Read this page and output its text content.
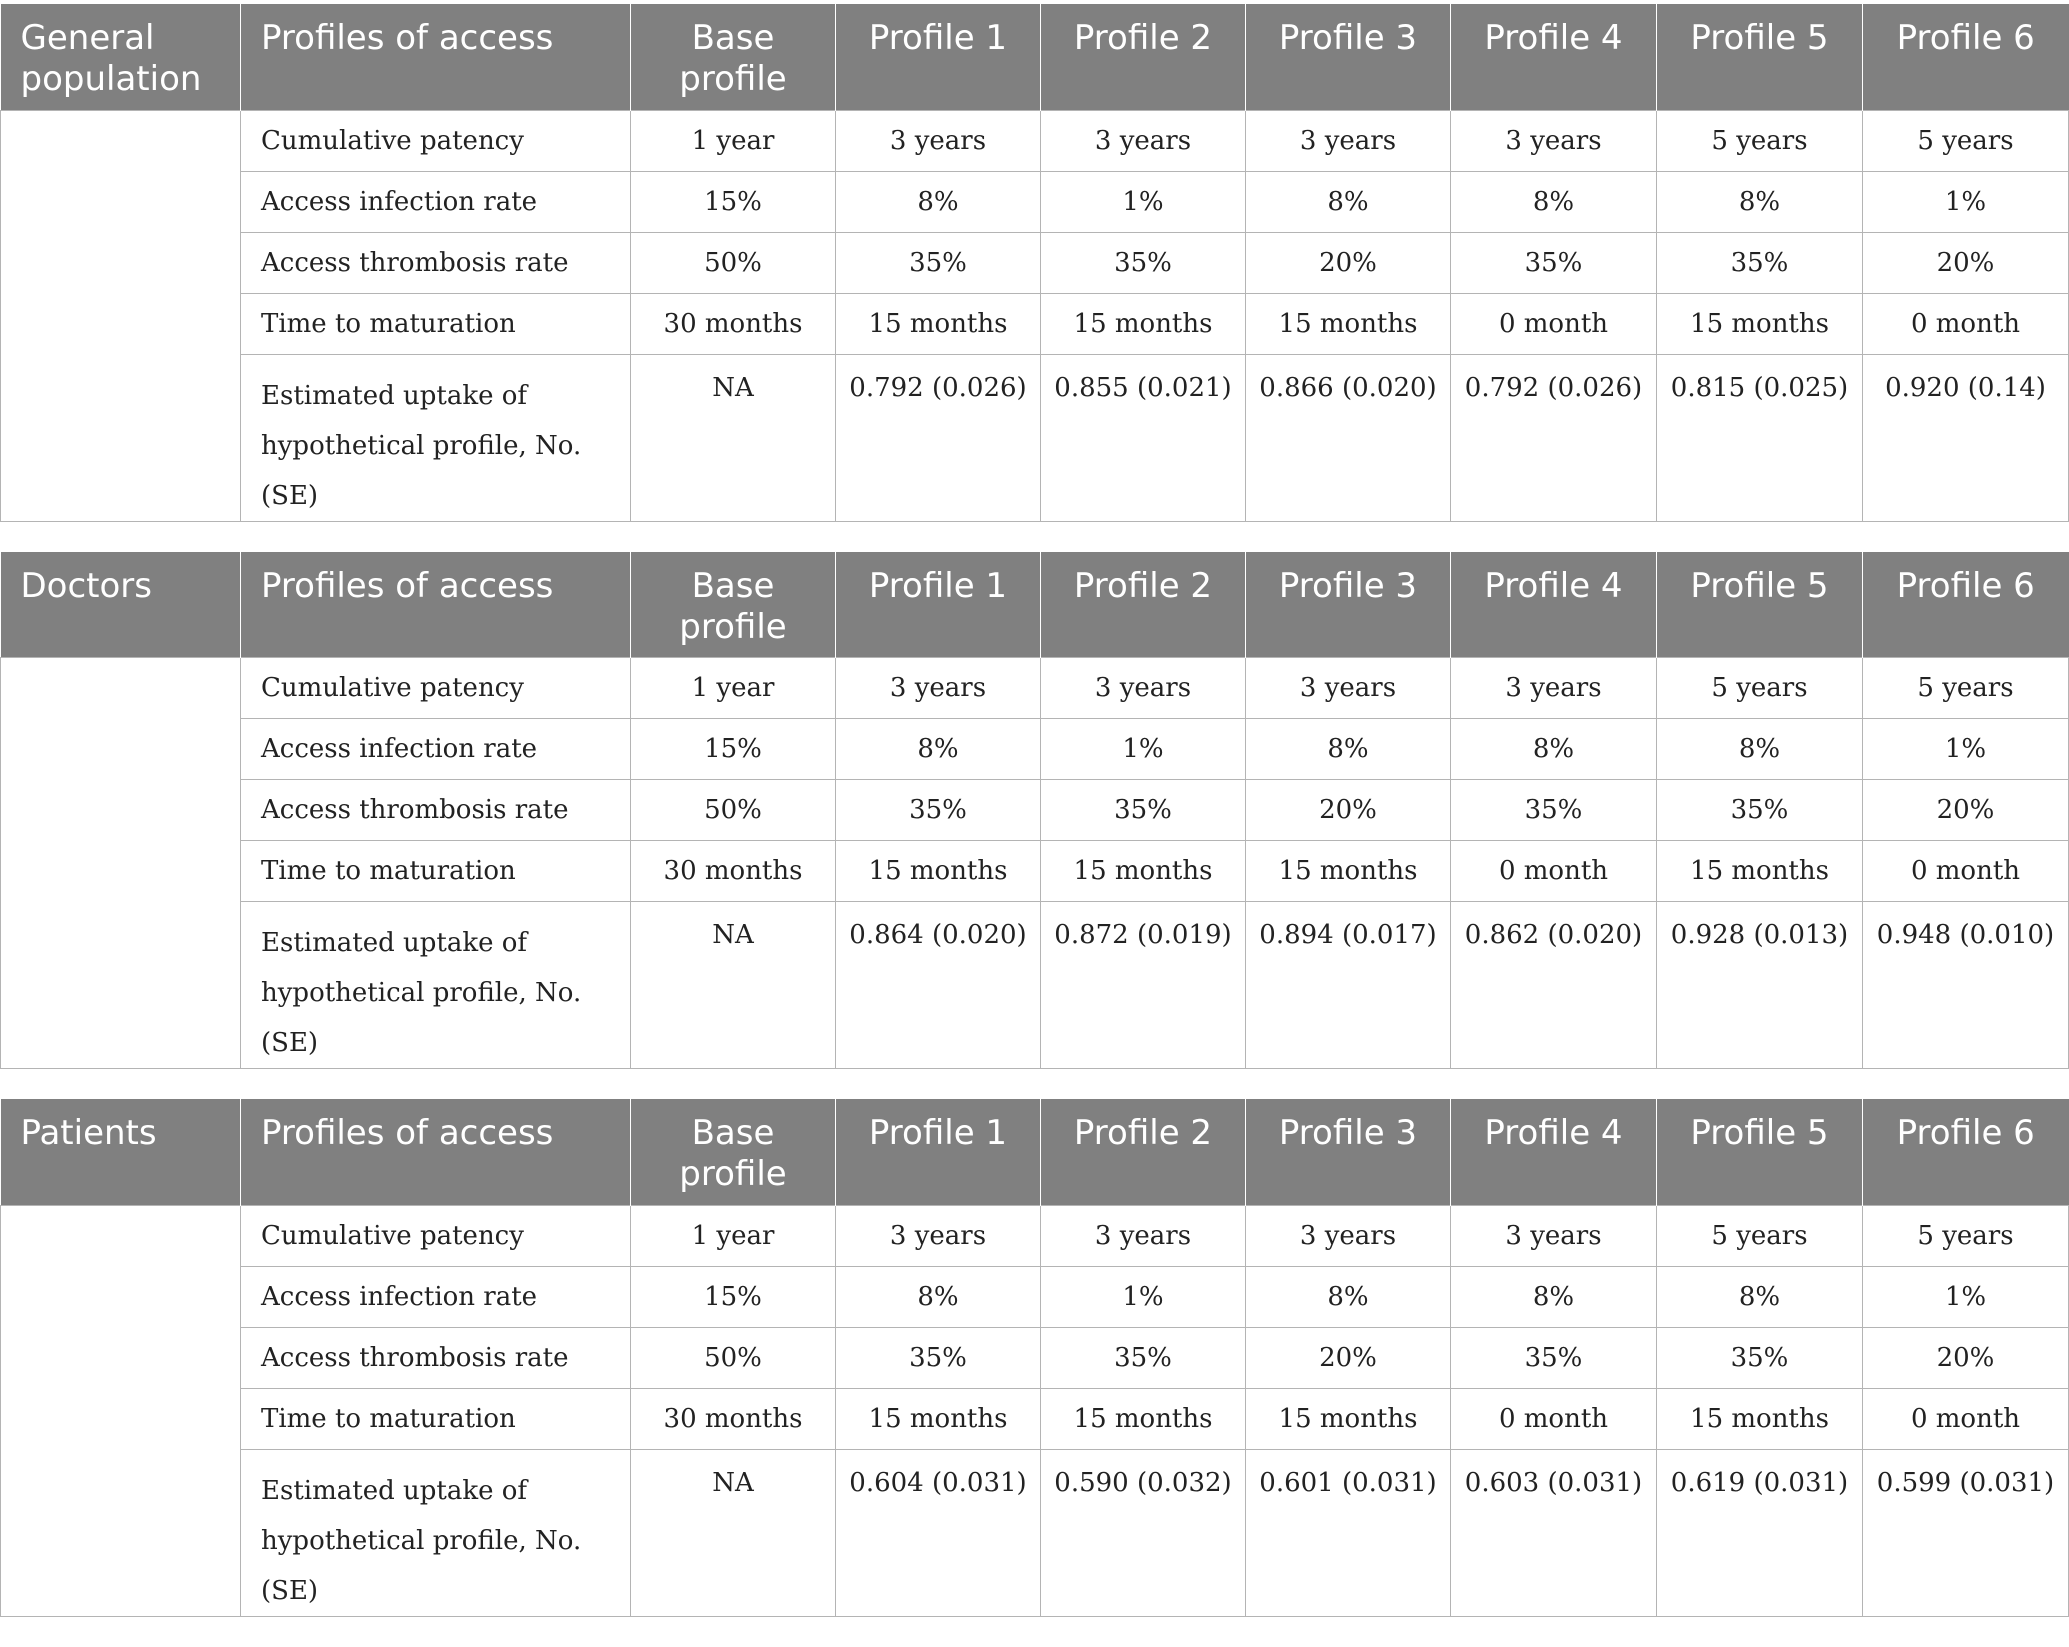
General population	Profiles of access	Base profile	Profile 1	Profile 2	Profile 3	Profile 4	Profile 5	Profile 6
	Cumulative patency	1 year	3 years	3 years	3 years	3 years	5 years	5 years
	Access infection rate	15%	8%	1%	8%	8%	8%	1%
	Access thrombosis rate	50%	35%	35%	20%	35%	35%	20%
	Time to maturation	30 months	15 months	15 months	15 months	0 month	15 months	0 month
	Estimated uptake of hypothetical profile, No. (SE)	NA	0.792 (0.026)	0.855 (0.021)	0.866 (0.020)	0.792 (0.026)	0.815 (0.025)	0.920 (0.14)
Doctors	Profiles of access	Base profile	Profile 1	Profile 2	Profile 3	Profile 4	Profile 5	Profile 6
	Cumulative patency	1 year	3 years	3 years	3 years	3 years	5 years	5 years
	Access infection rate	15%	8%	1%	8%	8%	8%	1%
	Access thrombosis rate	50%	35%	35%	20%	35%	35%	20%
	Time to maturation	30 months	15 months	15 months	15 months	0 month	15 months	0 month
	Estimated uptake of hypothetical profile, No. (SE)	NA	0.864 (0.020)	0.872 (0.019)	0.894 (0.017)	0.862 (0.020)	0.928 (0.013)	0.948 (0.010)
Patients	Profiles of access	Base profile	Profile 1	Profile 2	Profile 3	Profile 4	Profile 5	Profile 6
	Cumulative patency	1 year	3 years	3 years	3 years	3 years	5 years	5 years
	Access infection rate	15%	8%	1%	8%	8%	8%	1%
	Access thrombosis rate	50%	35%	35%	20%	35%	35%	20%
	Time to maturation	30 months	15 months	15 months	15 months	0 month	15 months	0 month
	Estimated uptake of hypothetical profile, No. (SE)	NA	0.604 (0.031)	0.590 (0.032)	0.601 (0.031)	0.603 (0.031)	0.619 (0.031)	0.599 (0.031)
